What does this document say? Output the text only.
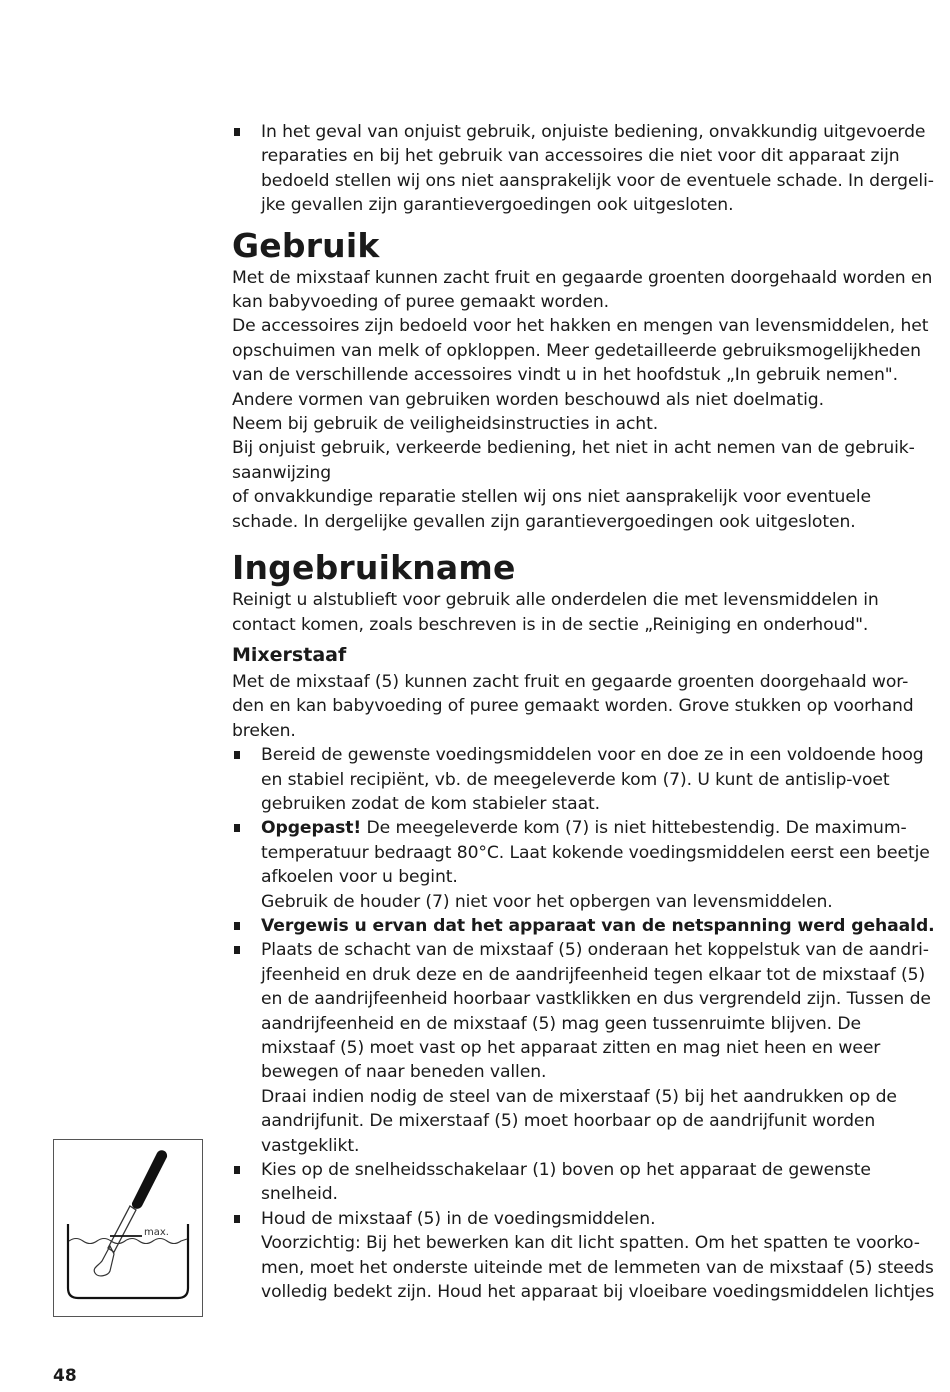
In het geval van onjuist gebruik, onjuiste bediening, onvakkundig uitgevoerde reparaties en bij het gebruik van accessoires die niet voor dit apparaat zijn bedoeld stellen wij ons niet aansprakelijk voor de eventuele schade. In dergeli-jke gevallen zijn garantievergoedingen ook uitgesloten.

Gebruik

Met de mixstaaf kunnen zacht fruit en gegaarde groenten doorgehaald worden en kan babyvoeding of puree gemaakt worden.

De accessoires zijn bedoeld voor het hakken en mengen van levensmiddelen, het opschuimen van melk of opkloppen. Meer gedetailleerde gebruiksmogelijkheden van de verschillende accessoires vindt u in het hoofdstuk „In gebruik nemen".

Andere vormen van gebruiken worden beschouwd als niet doelmatig.

Neem bij gebruik de veiligheidsinstructies in acht.

Bij onjuist gebruik, verkeerde bediening, het niet in acht nemen van de gebruik-saanwijzing

of onvakkundige reparatie stellen wij ons niet aansprakelijk voor eventuele schade. In dergelijke gevallen zijn garantievergoedingen ook uitgesloten.

Ingebruikname

Reinigt u alstublieft voor gebruik alle onderdelen die met levensmiddelen in contact komen, zoals beschreven is in de sectie „Reiniging en onderhoud".

Mixerstaaf

Met de mixstaaf (5) kunnen zacht fruit en gegaarde groenten doorgehaald wor-den en kan babyvoeding of puree gemaakt worden. Grove stukken op voorhand breken.

Bereid de gewenste voedingsmiddelen voor en doe ze in een voldoende hoog en stabiel recipiënt, vb. de meegeleverde kom (7). U kunt de antislip-voet gebruiken zodat de kom stabieler staat.

Opgepast! De meegeleverde kom (7) is niet hittebestendig. De maximum-temperatuur bedraagt 80°C. Laat kokende voedingsmiddelen eerst een beetje afkoelen voor u begint.

Gebruik de houder (7) niet voor het opbergen van levensmiddelen.

Vergewis u ervan dat het apparaat van de netspanning werd gehaald.

Plaats de schacht van de mixstaaf (5) onderaan het koppelstuk van de aandri-jfeenheid en druk deze en de aandrijfeenheid tegen elkaar tot de mixstaaf (5) en de aandrijfeenheid hoorbaar vastklikken en dus vergrendeld zijn. Tussen de aandrijfeenheid en de mixstaaf (5) mag geen tussenruimte blijven. De mixstaaf (5) moet vast op het apparaat zitten en mag niet heen en weer bewegen of naar beneden vallen.

Draai indien nodig de steel van de mixerstaaf (5) bij het aandrukken op de aandrijfunit. De mixerstaaf (5) moet hoorbaar op de aandrijfunit worden vastgeklikt.

Kies op de snelheidsschakelaar (1) boven op het apparaat de gewenste snelheid.

Houd de mixstaaf (5) in de voedingsmiddelen.

Voorzichtig: Bij het bewerken kan dit licht spatten. Om het spatten te voorko-men, moet het onderste uiteinde met de lemmeten van de mixstaaf (5) steeds volledig bedekt zijn. Houd het apparaat bij vloeibare voedingsmiddelen lichtjes

max.
48
